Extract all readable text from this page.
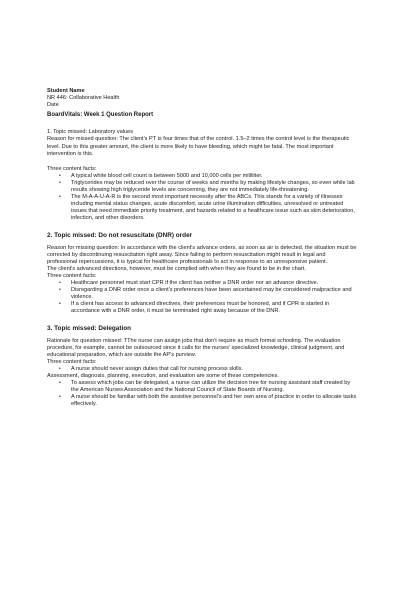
Student Name
NR 446: Collaborative Health
Date
BoardVitals: Week 1 Question Report
1. Topic missed: Laboratory values
Reason for missed question: The client's PT is four times that of the control. 1.5–2 times the control level is the therapeutic level. Due to this greater amount, the client is more likely to have bleeding, which might be fatal. The most important intervention is this.
Three content facts:
• A typical white blood cell count is between 5000 and 10,000 cells per milliliter.
• Triglycerides may be reduced over the course of weeks and months by making lifestyle changes, so even while lab results showing high triglyceride levels are concerning, they are not immediately life-threatening.
• The M-A-A-U-A-R is the second most important necessity after the ABCs. This stands for a variety of illnesses including mental status changes, acute discomfort, acute urine illumination difficulties, unresolved or untreated issues that need immediate priority treatment, and hazards related to a healthcare issue such as skin deterioration, infection, and other disorders.
2. Topic missed: Do not resuscitate (DNR) order
Reason for missing question: In accordance with the client's advance orders, as soon as air is detected, the situation must be corrected by discontinuing resuscitation right away. Since failing to perform resuscitation might result in legal and professional repercussions, it is typical for healthcare professionals to act in response to an unresponsive patient.
The client's advanced directions, however, must be complied with when they are found to be in the chart.
Three content facts:
• Healthcare personnel must start CPR if the client has neither a DNR order nor an advance directive.
• Disregarding a DNR order once a client's preferences have been ascertained may be considered malpractice and violence.
• If a client has access to advanced directives, their preferences must be honored, and if CPR is started in accordance with a DNR order, it must be terminated right away because of the DNR.
3. Topic missed: Delegation
Rationale for question missed: TThe nurse can assign jobs that don't require as much formal schooling. The evaluation procedure, for example, cannot be outsourced since it calls for the nurses' specialized knowledge, clinical judgment, and educational preparation, which are outside the AP's purview.
Three content facts:
• A nurse should never assign duties that call for nursing process skills.
Assessment, diagnosis, planning, execution, and evaluation are some of these competencies.
• To assess which jobs can be delegated, a nurse can utilize the decision tree for nursing assistant staff created by the American Nurses Association and the National Council of State Boards of Nursing.
• A nurse should be familiar with both the assistive personnel's and her own area of practice in order to allocate tasks effectively.
